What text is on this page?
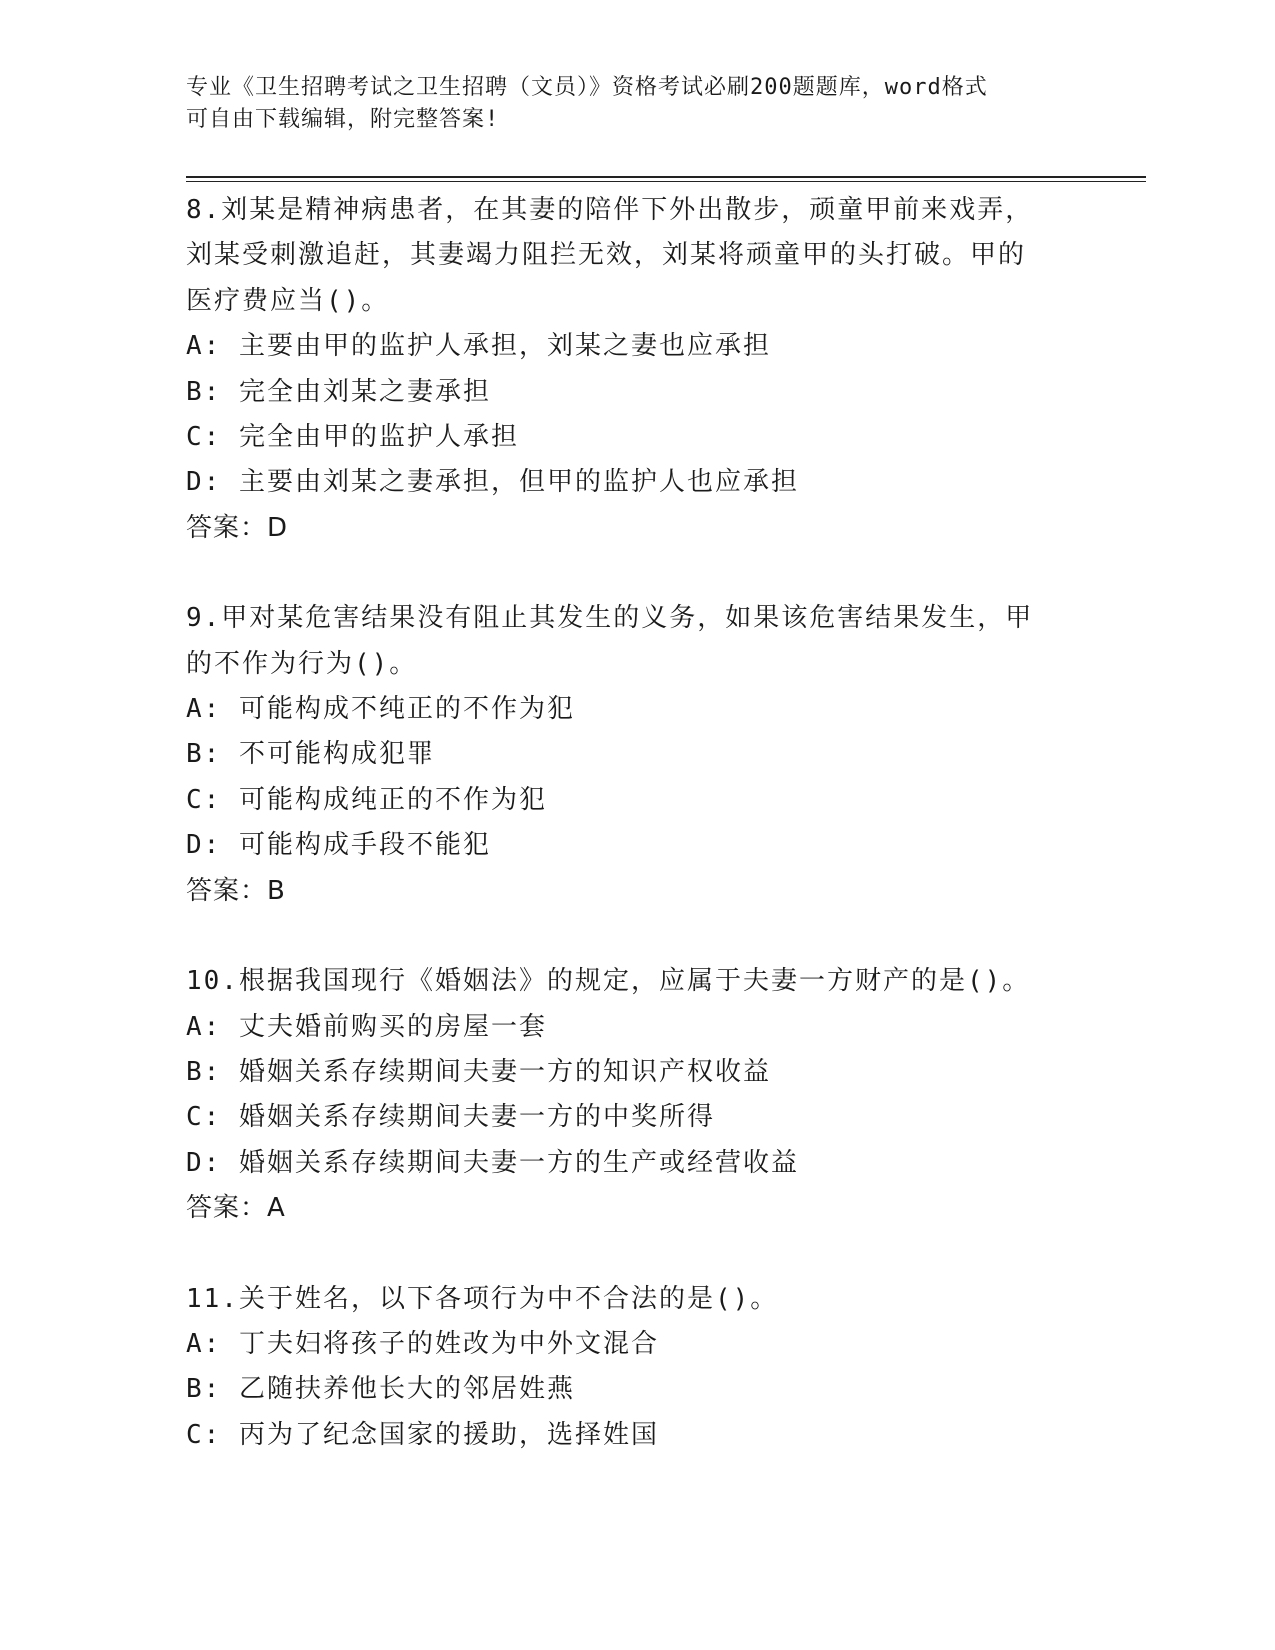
专业《卫生招聘考试之卫生招聘（文员）》资格考试必刷200题题库，word格式
可自由下载编辑，附完整答案!
8.刘某是精神病患者，在其妻的陪伴下外出散步，顽童甲前来戏弄，
刘某受刺激追赶，其妻竭力阻拦无效，刘某将顽童甲的头打破。甲的
医疗费应当()。
A: 主要由甲的监护人承担，刘某之妻也应承担
B: 完全由刘某之妻承担
C: 完全由甲的监护人承担
D: 主要由刘某之妻承担，但甲的监护人也应承担
答案：D
9.甲对某危害结果没有阻止其发生的义务，如果该危害结果发生，甲
的不作为行为()。
A: 可能构成不纯正的不作为犯
B: 不可能构成犯罪
C: 可能构成纯正的不作为犯
D: 可能构成手段不能犯
答案：B
10.根据我国现行《婚姻法》的规定，应属于夫妻一方财产的是()。
A: 丈夫婚前购买的房屋一套
B: 婚姻关系存续期间夫妻一方的知识产权收益
C: 婚姻关系存续期间夫妻一方的中奖所得
D: 婚姻关系存续期间夫妻一方的生产或经营收益
答案：A
11.关于姓名，以下各项行为中不合法的是()。
A: 丁夫妇将孩子的姓改为中外文混合
B: 乙随扶养他长大的邻居姓燕
C: 丙为了纪念国家的援助，选择姓国
